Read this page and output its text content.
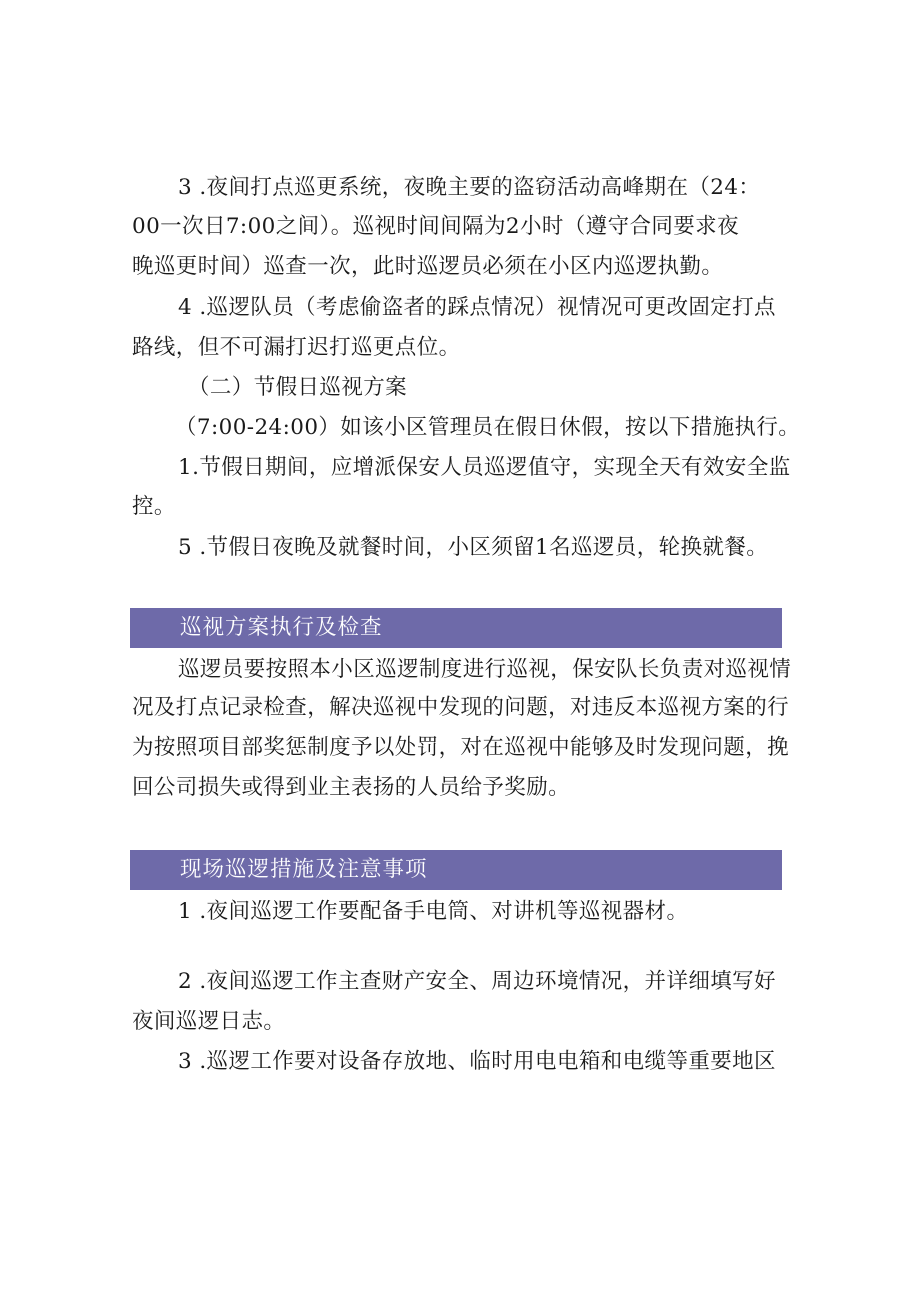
3 .夜间打点巡更系统，夜晚主要的盗窃活动高峰期在（24：
00一次日7:00之间）。巡视时间间隔为2小时（遵守合同要求夜
晚巡更时间）巡查一次，此时巡逻员必须在小区内巡逻执勤。
4 .巡逻队员（考虑偷盗者的踩点情况）视情况可更改固定打点
路线，但不可漏打迟打巡更点位。
（二）节假日巡视方案
（7:00-24:00）如该小区管理员在假日休假，按以下措施执行。
1.节假日期间，应增派保安人员巡逻值守，实现全天有效安全监
控。
5 .节假日夜晚及就餐时间，小区须留1名巡逻员，轮换就餐。
巡视方案执行及检查
巡逻员要按照本小区巡逻制度进行巡视，保安队长负责对巡视情
况及打点记录检查，解决巡视中发现的问题，对违反本巡视方案的行
为按照项目部奖惩制度予以处罚，对在巡视中能够及时发现问题，挽
回公司损失或得到业主表扬的人员给予奖励。
现场巡逻措施及注意事项
1 .夜间巡逻工作要配备手电筒、对讲机等巡视器材。
2 .夜间巡逻工作主查财产安全、周边环境情况，并详细填写好
夜间巡逻日志。
3 .巡逻工作要对设备存放地、临时用电电箱和电缆等重要地区
